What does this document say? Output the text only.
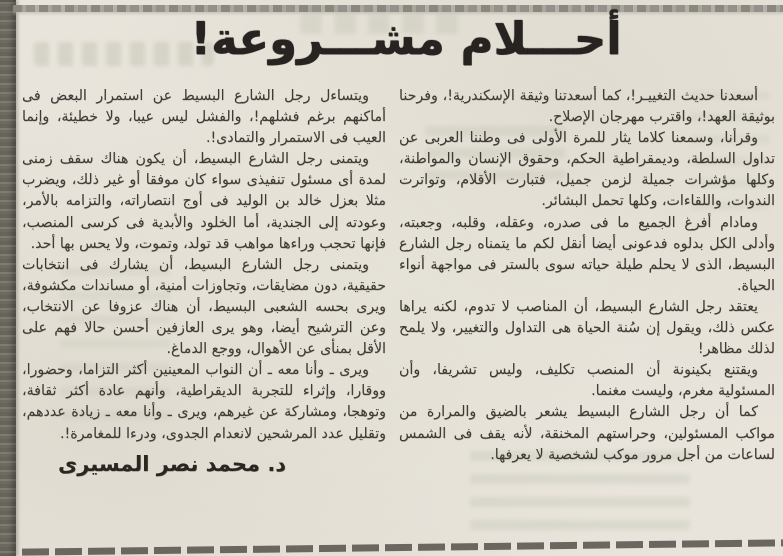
أحـــلام مشـــروعة!

أسعدنا حديث التغييـر!، كما أسعدتنا وثيقة الإسكندرية!، وفرحنا بوثيقة العهد!، واقترب مهرجان الإصلاح.

وقرأنا، وسمعنا كلاما يثار للمرة الأولى فى وطننا العربى عن تداول السلطة، وديمقراطية الحكم، وحقوق الإنسان والمواطنة، وكلها مؤشرات جميلة لزمن جميل، فتبارت الأقلام، وتواترت الندوات، واللقاءات، وكلها تحمل البشائر.

ومادام أفرغ الجميع ما فى صدره، وعقله، وقلبه، وجعبته، وأدلى الكل بدلوه فدعونى أيضا أنقل لكم ما يتمناه رجل الشارع البسيط، الذى لا يحلم طيلة حياته سوى بالستر فى مواجهة أنواء الحياة.

يعتقد رجل الشارع البسيط، أن المناصب لا تدوم، لكنه يراها عكس ذلك، ويقول إن سُنة الحياة هى التداول والتغيير، ولا يلمح لذلك مظاهر!

ويقتنع بكينونة أن المنصب تكليف، وليس تشريفا، وأن المسئولية مغرم، وليست مغنما.

كما أن رجل الشارع البسيط يشعر بالضيق والمرارة من مواكب المسئولين، وحراستهم المخنقة، لأنه يقف فى الشمس لساعات من أجل مرور موكب لشخصية لا يعرفها.

ويتساءل رجل الشارع البسيط عن استمرار البعض فى أماكنهم برغم فشلهم!، والفشل ليس عيبا، ولا خطيئة، وإنما العيب فى الاستمرار والتمادى!.

ويتمنى رجل الشارع البسيط، أن يكون هناك سقف زمنى لمدة أى مسئول تنفيذى سواء كان موفقا أو غير ذلك، ويضرب مثلا بعزل خالد بن الوليد فى أوج انتصاراته، والتزامه بالأمر، وعودته إلى الجندية، أما الخلود والأبدية فى كرسى المنصب، فإنها تحجب وراءها مواهب قد تولد، وتموت، ولا يحس بها أحد.

ويتمنى رجل الشارع البسيط، أن يشارك فى انتخابات حقيقية، دون مضايقات، وتجاوزات أمنية، أو مساندات مكشوفة، ويرى بحسه الشعبى البسيط، أن هناك عزوفا عن الانتخاب، وعن الترشيح أيضا، وهو يرى العازفين أحسن حالا فهم على الأقل بمنأى عن الأهوال، ووجع الدماغ.

ويرى ـ وأنا معه ـ أن النواب المعينين أكثر التزاما، وحضورا، ووقارا، وإثراء للتجربة الديقراطية، وأنهم عادة أكثر ثقافة، وتوهجا، ومشاركة عن غيرهم، ويرى ـ وأنا معه ـ زيادة عددهم، وتقليل عدد المرشحين لانعدام الجدوى، ودرءا للمغامرة!.

د. محمد نصر المسيرى
